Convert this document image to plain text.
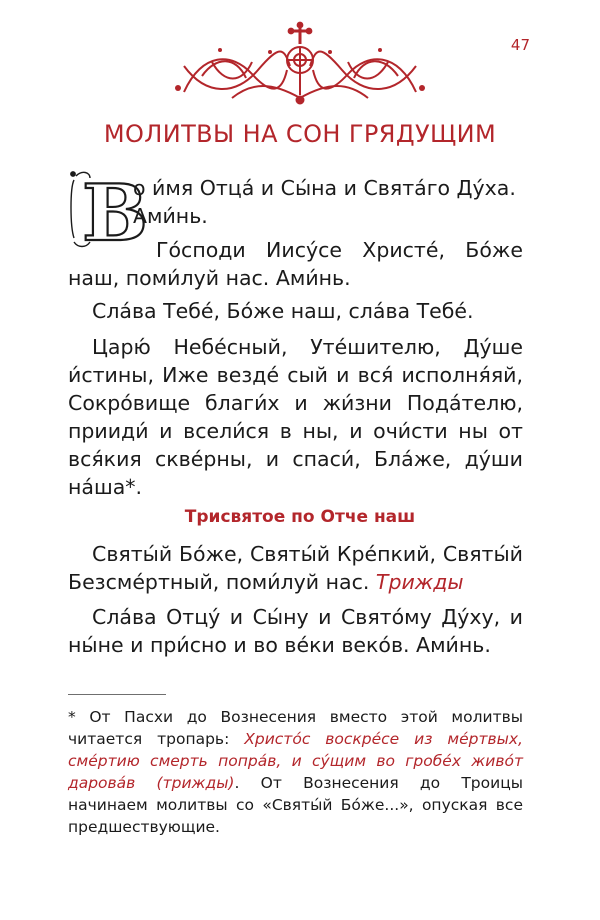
47
МОЛИТВЫ НА СОН ГРЯДУЩИМ
В
о и́мя Отца́ и Сы́на и Свята́го Ду́ха.
Ами́нь.
Го́споди Иису́се Христе́, Бо́же наш, поми́луй нас. Ами́нь.
Сла́ва Тебе́, Бо́же наш, сла́ва Тебе́.
Царю́ Небе́сный, Уте́шителю, Ду́ше и́стины, Иже везде́ сый и вся́ исполня́яй, Сокро́вище благи́х и жи́зни Пода́телю, прииди́ и всели́ся в ны, и очи́сти ны от вся́кия скве́рны, и спаси́, Бла́же, ду́ши на́ша*.
Трисвятое по Отче наш
Святы́й Бо́же, Святы́й Кре́пкий, Святы́й Безсме́ртный, поми́луй нас. Трижды
Сла́ва Отцу́ и Сы́ну и Свято́му Ду́ху, и ны́не и при́сно и во ве́ки веко́в. Ами́нь.
* От Пасхи до Вознесения вместо этой молитвы читается тропарь: Христо́с воскре́се из ме́ртвых, сме́ртию смерть попра́в, и су́щим во гробе́х живо́т дарова́в (трижды). От Вознесения до Троицы начинаем молитвы со «Святы́й Бо́же...», опуская все предшествующие.
